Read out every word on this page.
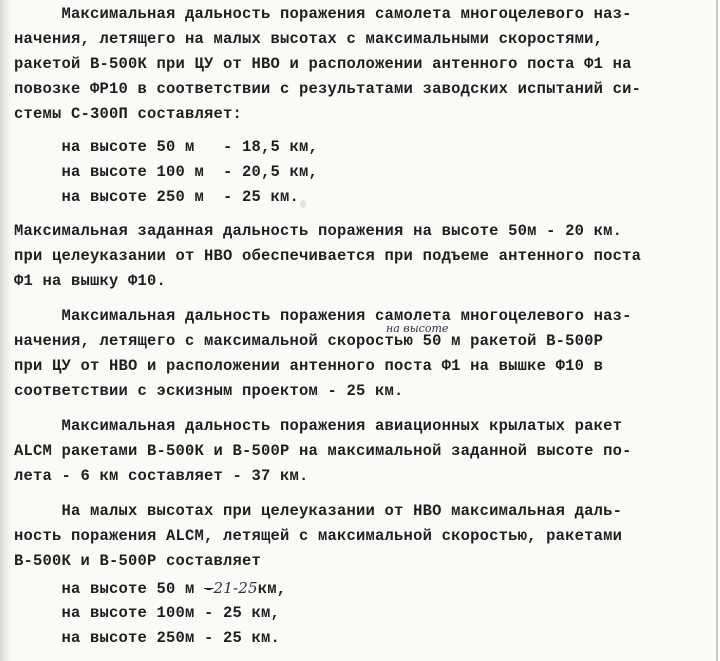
Максимальная дальность поражения самолета многоцелевого наз-
начения, летящего на малых высотах с максимальными скоростями,
ракетой В-500К при ЦУ от НВО и расположении антенного поста Ф1 на
повозке ФР10 в соответствии с результатами заводских испытаний си-
стемы С-300П составляет:
на высоте 50 м   - 18,5 км,
на высоте 100 м  - 20,5 км,
на высоте 250 м  - 25 км.
Максимальная заданная дальность поражения на высоте 50м - 20 км.
при целеуказании от НВО обеспечивается при подъеме антенного поста
Ф1 на вышку Ф10.
Максимальная дальность поражения самолета многоцелевого наз-
на высоте
начения, летящего с максимальной скоростью 50 м ракетой В-500Р
при ЦУ от НВО и расположении антенного поста Ф1 на вышке Ф10 в
соответствии с эскизным проектом - 25 км.
Максимальная дальность поражения авиационных крылатых ракет
ALCM ракетами В-500К и В-500Р на максимальной заданной высоте по-
лета - 6 км составляет - 37 км.
На малых высотах при целеуказании от НВО максимальная даль-
ность поражения ALCM, летящей с максимальной скоростью, ракетами
В-500К и В-500Р составляет
на высоте 50 м -21-25км,
на высоте 100м - 25 км,
на высоте 250м - 25 км.
